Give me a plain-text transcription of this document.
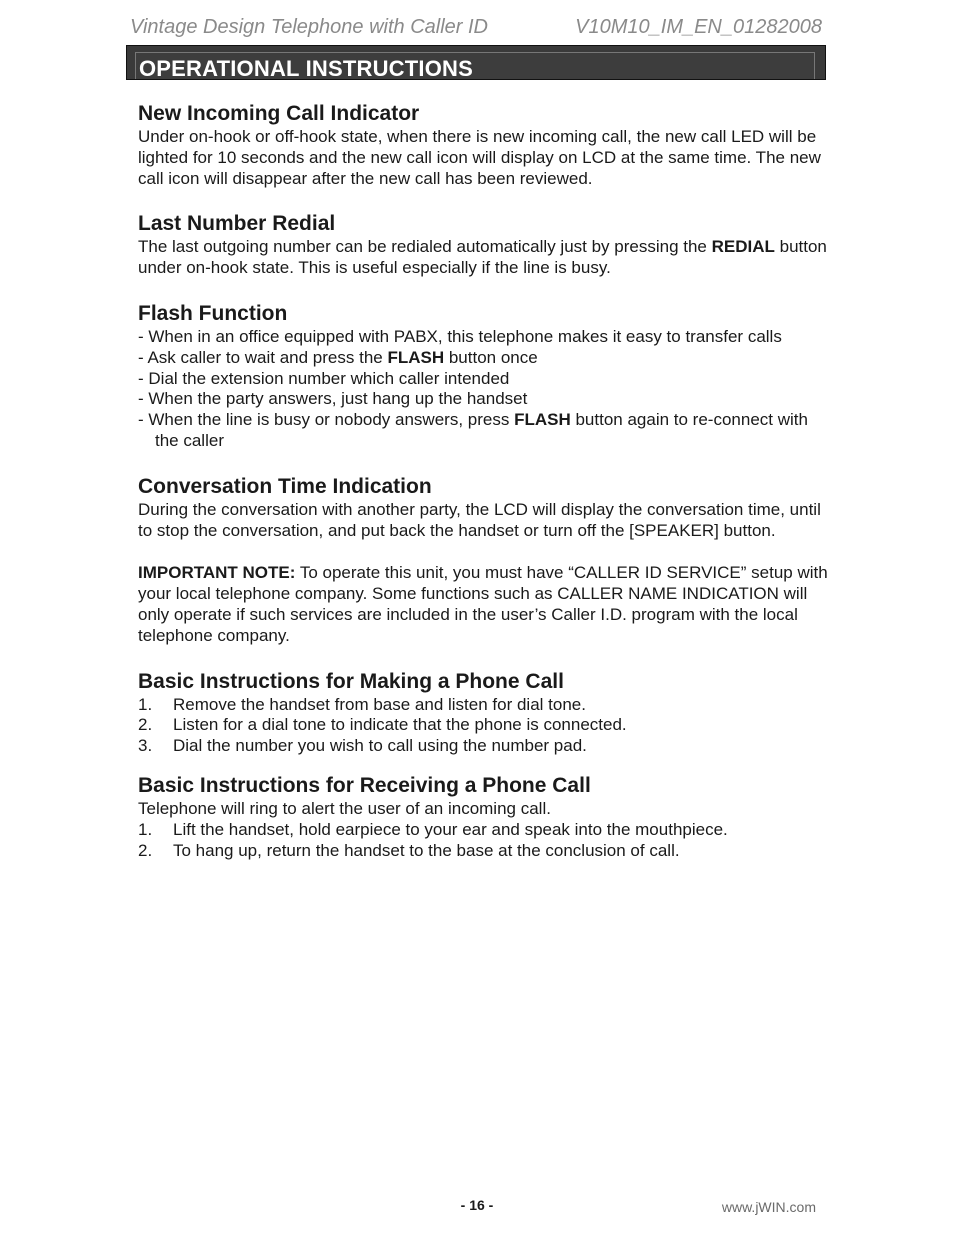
Vintage Design Telephone with Caller ID	V10M10_IM_EN_01282008
OPERATIONAL INSTRUCTIONS
New Incoming Call Indicator

Under on-hook or off-hook state, when there is new incoming call, the new call LED will be lighted for 10 seconds and the new call icon will display on LCD at the same time. The new call icon will disappear after the new call has been reviewed.

Last Number Redial

The last outgoing number can be redialed automatically just by pressing the REDIAL button under on-hook state. This is useful especially if the line is busy.

Flash Function

- When in an office equipped with PABX, this telephone makes it easy to transfer calls

- Ask caller to wait and press the FLASH button once

- Dial the extension number which caller intended

- When the party answers, just hang up the handset

- When the line is busy or nobody answers, press FLASH button again to re-connect with the caller

Conversation Time Indication

During the conversation with another party, the LCD will display the conversation time, until to stop the conversation, and put back the handset or turn off the [SPEAKER] button.

IMPORTANT NOTE: To operate this unit, you must have “CALLER ID SERVICE” setup with your local telephone company. Some functions such as CALLER NAME INDICATION will only operate if such services are included in the user’s Caller I.D. program with the local telephone company.

Basic Instructions for Making a Phone Call
1.	Remove the handset from base and listen for dial tone.
2.	Listen for a dial tone to indicate that the phone is connected.
3.	Dial the number you wish to call using the number pad.
Basic Instructions for Receiving a Phone Call

Telephone will ring to alert the user of an incoming call.

1.	Lift the handset, hold earpiece to your ear and speak into the mouthpiece.
2.	To hang up, return the handset to the base at the conclusion of call.
- 16 -	www.jWIN.com
